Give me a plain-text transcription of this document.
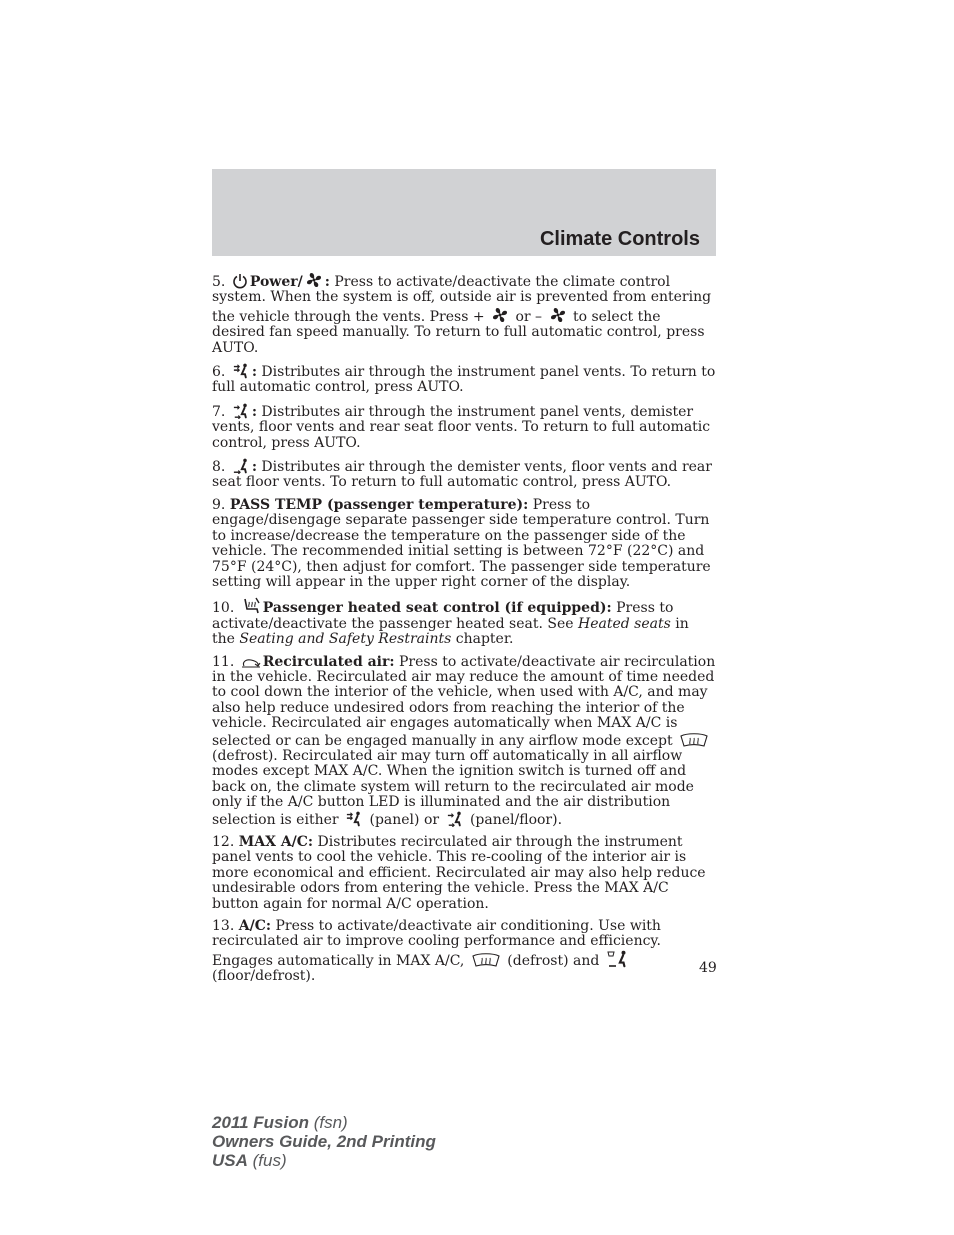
Climate Controls

5. Power/ : Press to activate/deactivate the climate control system. When the system is off, outside air is prevented from entering the vehicle through the vents. Press +
or –
to select the desired fan speed manually. To return to full automatic control, press AUTO.

6. : Distributes air through the instrument panel vents. To return to full automatic control, press AUTO.

7. : Distributes air through the instrument panel vents, demister vents, floor vents and rear seat floor vents. To return to full automatic control, press AUTO.

8. : Distributes air through the demister vents, floor vents and rear seat floor vents. To return to full automatic control, press AUTO.

9. PASS TEMP (passenger temperature): Press to engage/disengage separate passenger side temperature control. Turn to increase/decrease the temperature on the passenger side of the vehicle. The recommended initial setting is between 72°F (22°C) and 75°F (24°C), then adjust for comfort. The passenger side temperature setting will appear in the upper right corner of the display.

10. Passenger heated seat control (if equipped): Press to activate/deactivate the passenger heated seat. See Heated seats in the Seating and Safety Restraints chapter.

11. Recirculated air: Press to activate/deactivate air recirculation in the vehicle. Recirculated air may reduce the amount of time needed to cool down the interior of the vehicle, when used with A/C, and may also help reduce undesired odors from reaching the interior of the vehicle. Recirculated air engages automatically when MAX A/C is selected or can be engaged manually in any airflow mode except
(defrost). Recirculated air may turn off automatically in all airflow modes except MAX A/C. When the ignition switch is turned off and back on, the climate system will return to the recirculated air mode only if the A/C button LED is illuminated and the air distribution selection is either
(panel) or
(panel/floor).

12. MAX A/C: Distributes recirculated air through the instrument panel vents to cool the vehicle. This re-cooling of the interior air is more economical and efficient. Recirculated air may also help reduce undesirable odors from entering the vehicle. Press the MAX A/C button again for normal A/C operation.

13. A/C: Press to activate/deactivate air conditioning. Use with recirculated air to improve cooling performance and efficiency. Engages automatically in MAX A/C,
(defrost) and
(floor/defrost).

49
2011 Fusion (fsn)
Owners Guide, 2nd Printing
USA (fus)
